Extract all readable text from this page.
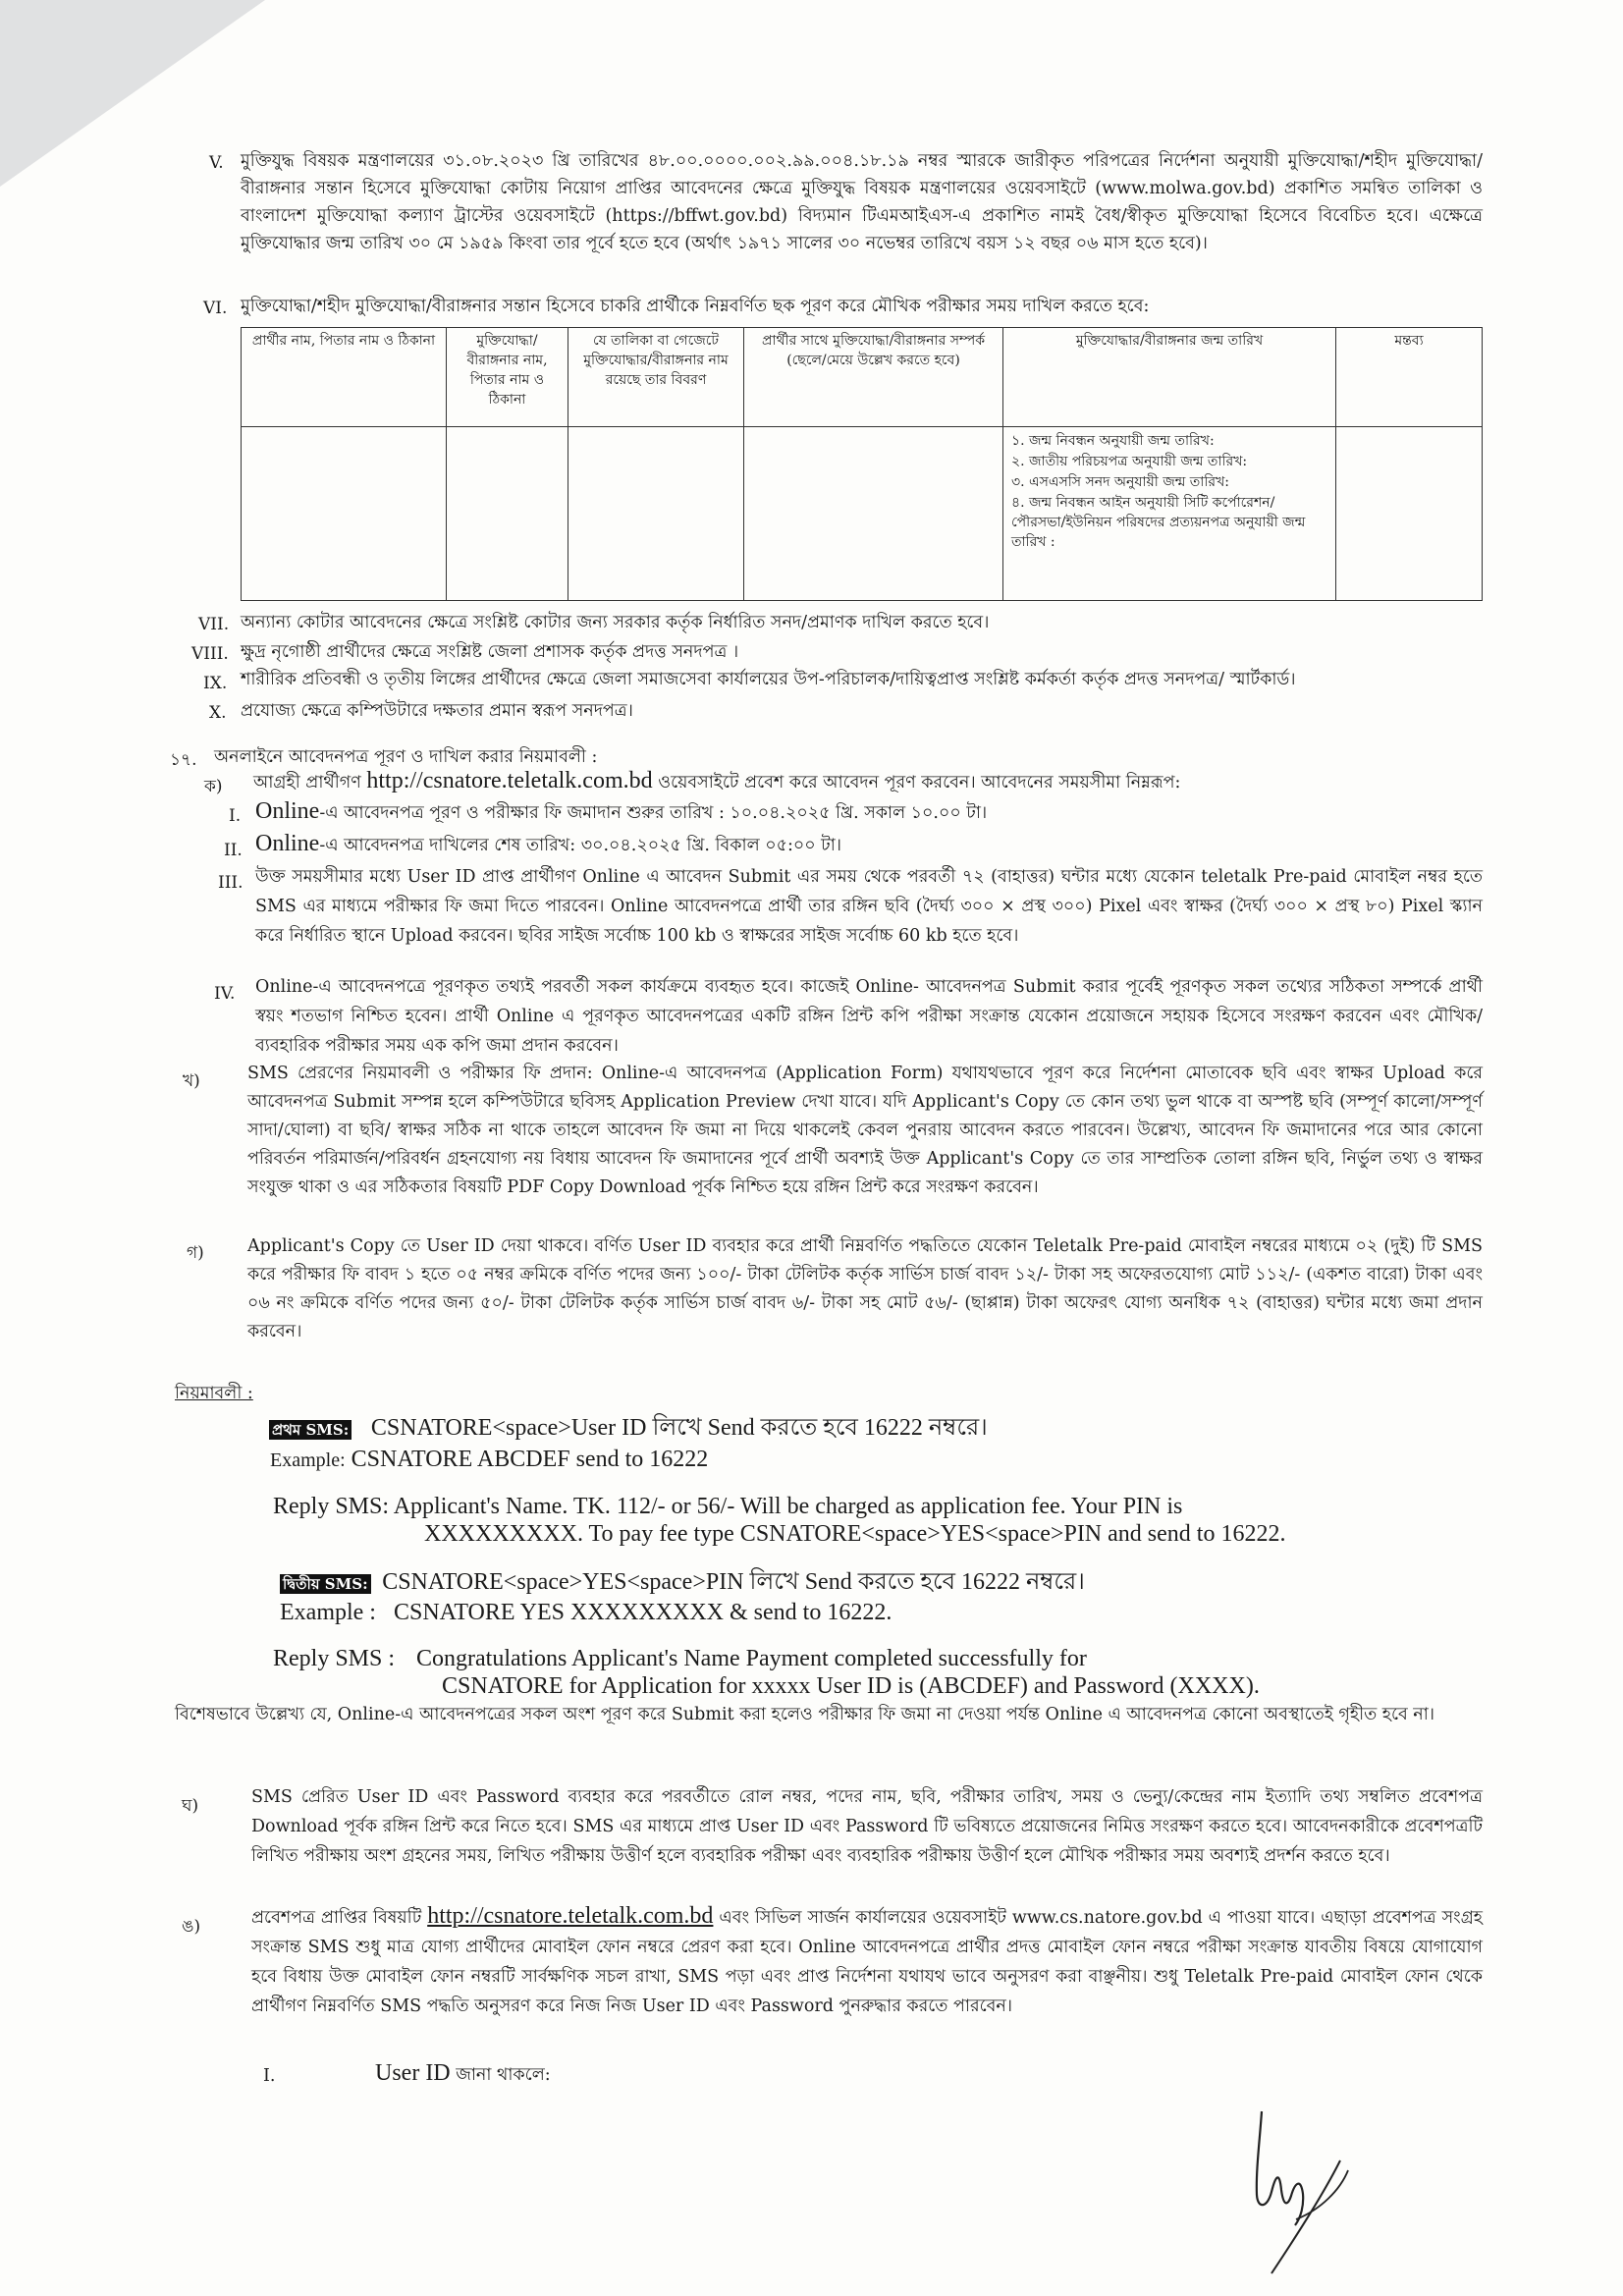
V. মুক্তিযুদ্ধ বিষয়ক মন্ত্রণালয়ের ৩১.০৮.২০২৩ খ্রি তারিখের ৪৮.০০.০০০০.০০২.৯৯.০০৪.১৮.১৯ নম্বর স্মারকে জারীকৃত পরিপত্রের নির্দেশনা অনুযায়ী মুক্তিযোদ্ধা/শহীদ মুক্তিযোদ্ধা/বীরাঙ্গনার সন্তান হিসেবে মুক্তিযোদ্ধা কোটায় নিয়োগ প্রাপ্তির আবেদনের ক্ষেত্রে মুক্তিযুদ্ধ বিষয়ক মন্ত্রণালয়ের ওয়েবসাইটে (www.molwa.gov.bd) প্রকাশিত সমন্বিত তালিকা ও বাংলাদেশ মুক্তিযোদ্ধা কল্যাণ ট্রাস্টের ওয়েবসাইটে (https://bffwt.gov.bd) বিদ্যমান টিএমআইএস-এ প্রকাশিত নামই বৈধ/স্বীকৃত মুক্তিযোদ্ধা হিসেবে বিবেচিত হবে। এক্ষেত্রে মুক্তিযোদ্ধার জন্ম তারিখ ৩০ মে ১৯৫৯ কিংবা তার পূর্বে হতে হবে (অর্থাৎ ১৯৭১ সালের ৩০ নভেম্বর তারিখে বয়স ১২ বছর ০৬ মাস হতে হবে)।
VI. মুক্তিযোদ্ধা/শহীদ মুক্তিযোদ্ধা/বীরাঙ্গনার সন্তান হিসেবে চাকরি প্রার্থীকে নিম্নবর্ণিত ছক পূরণ করে মৌখিক পরীক্ষার সময় দাখিল করতে হবে:
প্রার্থীর নাম, পিতার নাম ও ঠিকানা	মুক্তিযোদ্ধা/বীরাঙ্গনার নাম, পিতার নাম ও ঠিকানা	যে তালিকা বা গেজেটে মুক্তিযোদ্ধার/বীরাঙ্গনার নাম রয়েছে তার বিবরণ	প্রার্থীর সাথে মুক্তিযোদ্ধা/বীরাঙ্গনার সম্পর্ক (ছেলে/মেয়ে উল্লেখ করতে হবে)	মুক্তিযোদ্ধার/বীরাঙ্গনার জন্ম তারিখ	মন্তব্য

				১. জন্ম নিবন্ধন অনুযায়ী জন্ম তারিখ:
২. জাতীয় পরিচয়পত্র অনুযায়ী জন্ম তারিখ:
৩. এসএসসি সনদ অনুযায়ী জন্ম তারিখ:
৪. জন্ম নিবন্ধন আইন অনুযায়ী সিটি কর্পোরেশন/ পৌরসভা/ইউনিয়ন পরিষদের প্রত্যয়নপত্র অনুযায়ী জন্ম তারিখ :	

VII. অন্যান্য কোটার আবেদনের ক্ষেত্রে সংশ্লিষ্ট কোটার জন্য সরকার কর্তৃক নির্ধারিত সনদ/প্রমাণক দাখিল করতে হবে।
VIII. ক্ষুদ্র নৃগোষ্ঠী প্রার্থীদের ক্ষেত্রে সংশ্লিষ্ট জেলা প্রশাসক কর্তৃক প্রদত্ত সনদপত্র ।
IX. শারীরিক প্রতিবন্ধী ও তৃতীয় লিঙ্গের প্রার্থীদের ক্ষেত্রে জেলা সমাজসেবা কার্যালয়ের উপ-পরিচালক/দায়িত্বপ্রাপ্ত সংশ্লিষ্ট কর্মকর্তা কর্তৃক প্রদত্ত সনদপত্র/ স্মার্টকার্ড।
X. প্রযোজ্য ক্ষেত্রে কম্পিউটারে দক্ষতার প্রমান স্বরূপ সনদপত্র।
১৭. অনলাইনে আবেদনপত্র পূরণ ও দাখিল করার নিয়মাবলী :
ক) আগ্রহী প্রার্থীগণ http://csnatore.teletalk.com.bd ওয়েবসাইটে প্রবেশ করে আবেদন পূরণ করবেন। আবেদনের সময়সীমা নিম্নরূপ:
I. Online-এ আবেদনপত্র পূরণ ও পরীক্ষার ফি জমাদান শুরুর তারিখ : ১০.০৪.২০২৫ খ্রি. সকাল ১০.০০ টা।
II. Online-এ আবেদনপত্র দাখিলের শেষ তারিখ: ৩০.০৪.২০২৫ খ্রি. বিকাল ০৫:০০ টা।
III. উক্ত সময়সীমার মধ্যে User ID প্রাপ্ত প্রার্থীগণ Online এ আবেদন Submit এর সময় থেকে পরবর্তী ৭২ (বাহাত্তর) ঘন্টার মধ্যে যেকোন teletalk Pre-paid মোবাইল নম্বর হতে SMS এর মাধ্যমে পরীক্ষার ফি জমা দিতে পারবেন। Online আবেদনপত্রে প্রার্থী তার রঙ্গিন ছবি (দৈর্ঘ্য ৩০০ × প্রস্থ ৩০০) Pixel এবং স্বাক্ষর (দৈর্ঘ্য ৩০০ × প্রস্থ ৮০) Pixel স্ক্যান করে নির্ধারিত স্থানে Upload করবেন। ছবির সাইজ সর্বোচ্চ 100 kb ও স্বাক্ষরের সাইজ সর্বোচ্চ 60 kb হতে হবে।
IV. Online-এ আবেদনপত্রে পূরণকৃত তথ্যই পরবর্তী সকল কার্যক্রমে ব্যবহৃত হবে। কাজেই Online- আবেদনপত্র Submit করার পূর্বেই পূরণকৃত সকল তথ্যের সঠিকতা সম্পর্কে প্রার্থী স্বয়ং শতভাগ নিশ্চিত হবেন। প্রার্থী Online এ পূরণকৃত আবেদনপত্রের একটি রঙ্গিন প্রিন্ট কপি পরীক্ষা সংক্রান্ত যেকোন প্রয়োজনে সহায়ক হিসেবে সংরক্ষণ করবেন এবং মৌখিক/ব্যবহারিক পরীক্ষার সময় এক কপি জমা প্রদান করবেন।
খ)	SMS প্রেরণের নিয়মাবলী ও পরীক্ষার ফি প্রদান: Online-এ আবেদনপত্র (Application Form) যথাযথভাবে পূরণ করে নির্দেশনা মোতাবেক ছবি এবং স্বাক্ষর Upload করে আবেদনপত্র Submit সম্পন্ন হলে কম্পিউটারে ছবিসহ Application Preview দেখা যাবে। যদি Applicant's Copy তে কোন তথ্য ভুল থাকে বা অস্পষ্ট ছবি (সম্পূর্ণ কালো/সম্পূর্ণ সাদা/ঘোলা) বা ছবি/ স্বাক্ষর সঠিক না থাকে তাহলে আবেদন ফি জমা না দিয়ে থাকলেই কেবল পুনরায় আবেদন করতে পারবেন। উল্লেখ্য, আবেদন ফি জমাদানের পরে আর কোনো পরিবর্তন পরিমার্জন/পরিবর্ধন গ্রহনযোগ্য নয় বিধায় আবেদন ফি জমাদানের পূর্বে প্রার্থী অবশ্যই উক্ত Applicant's Copy তে তার সাম্প্রতিক তোলা রঙ্গিন ছবি, নির্ভুল তথ্য ও স্বাক্ষর সংযুক্ত থাকা ও এর সঠিকতার বিষয়টি PDF Copy Download পূর্বক নিশ্চিত হয়ে রঙ্গিন প্রিন্ট করে সংরক্ষণ করবেন।
গ)	Applicant's Copy তে User ID দেয়া থাকবে। বর্ণিত User ID ব্যবহার করে প্রার্থী নিম্নবর্ণিত পদ্ধতিতে যেকোন Teletalk Pre-paid মোবাইল নম্বরের মাধ্যমে ০২ (দুই) টি SMS করে পরীক্ষার ফি বাবদ ১ হতে ০৫ নম্বর ক্রমিকে বর্ণিত পদের জন্য ১০০/- টাকা টেলিটক কর্তৃক সার্ভিস চার্জ বাবদ ১২/- টাকা সহ অফেরতযোগ্য মোট ১১২/- (একশত বারো) টাকা এবং ০৬ নং ক্রমিকে বর্ণিত পদের জন্য ৫০/- টাকা টেলিটক কর্তৃক সার্ভিস চার্জ বাবদ ৬/- টাকা সহ মোট ৫৬/- (ছাপ্পান্ন) টাকা অফেরৎ যোগ্য অনধিক ৭২ (বাহাত্তর) ঘন্টার মধ্যে জমা প্রদান করবেন।
নিয়মাবলী :
প্রথম SMS: CSNATORE<space>User ID লিখে Send করতে হবে 16222 নম্বরে।
Example: CSNATORE ABCDEF send to 16222
Reply SMS: Applicant's Name. TK. 112/- or 56/- Will be charged as application fee. Your PIN is
XXXXXXXXX. To pay fee type CSNATORE<space>YES<space>PIN and send to 16222.
দ্বিতীয় SMS: CSNATORE<space>YES<space>PIN লিখে Send করতে হবে 16222 নম্বরে।
Example : CSNATORE YES XXXXXXXXX & send to 16222.
Reply SMS : Congratulations Applicant's Name Payment completed successfully for
CSNATORE for Application for xxxxx User ID is (ABCDEF) and Password (XXXX).
বিশেষভাবে উল্লেখ্য যে, Online-এ আবেদনপত্রের সকল অংশ পূরণ করে Submit করা হলেও পরীক্ষার ফি জমা না দেওয়া পর্যন্ত Online এ আবেদনপত্র কোনো অবস্থাতেই গৃহীত হবে না।
ঘ)	SMS প্রেরিত User ID এবং Password ব্যবহার করে পরবর্তীতে রোল নম্বর, পদের নাম, ছবি, পরীক্ষার তারিখ, সময় ও ভেন্যু/কেন্দ্রের নাম ইত্যাদি তথ্য সম্বলিত প্রবেশপত্র Download পূর্বক রঙ্গিন প্রিন্ট করে নিতে হবে। SMS এর মাধ্যমে প্রাপ্ত User ID এবং Password টি ভবিষ্যতে প্রয়োজনের নিমিত্ত সংরক্ষণ করতে হবে। আবেদনকারীকে প্রবেশপত্রটি লিখিত পরীক্ষায় অংশ গ্রহনের সময়, লিখিত পরীক্ষায় উত্তীর্ণ হলে ব্যবহারিক পরীক্ষা এবং ব্যবহারিক পরীক্ষায় উত্তীর্ণ হলে মৌখিক পরীক্ষার সময় অবশ্যই প্রদর্শন করতে হবে।
ঙ)	প্রবেশপত্র প্রাপ্তির বিষয়টি http://csnatore.teletalk.com.bd এবং সিভিল সার্জন কার্যালয়ের ওয়েবসাইট www.cs.natore.gov.bd এ পাওয়া যাবে। এছাড়া প্রবেশপত্র সংগ্রহ সংক্রান্ত SMS শুধু মাত্র যোগ্য প্রার্থীদের মোবাইল ফোন নম্বরে প্রেরণ করা হবে। Online আবেদনপত্রে প্রার্থীর প্রদত্ত মোবাইল ফোন নম্বরে পরীক্ষা সংক্রান্ত যাবতীয় বিষয়ে যোগাযোগ হবে বিধায় উক্ত মোবাইল ফোন নম্বরটি সার্বক্ষণিক সচল রাখা, SMS পড়া এবং প্রাপ্ত নির্দেশনা যথাযথ ভাবে অনুসরণ করা বাঞ্ছনীয়। শুধু Teletalk Pre-paid মোবাইল ফোন থেকে প্রার্থীগণ নিম্নবর্ণিত SMS পদ্ধতি অনুসরণ করে নিজ নিজ User ID এবং Password পুনরুদ্ধার করতে পারবেন।
I.	User ID জানা থাকলে:
